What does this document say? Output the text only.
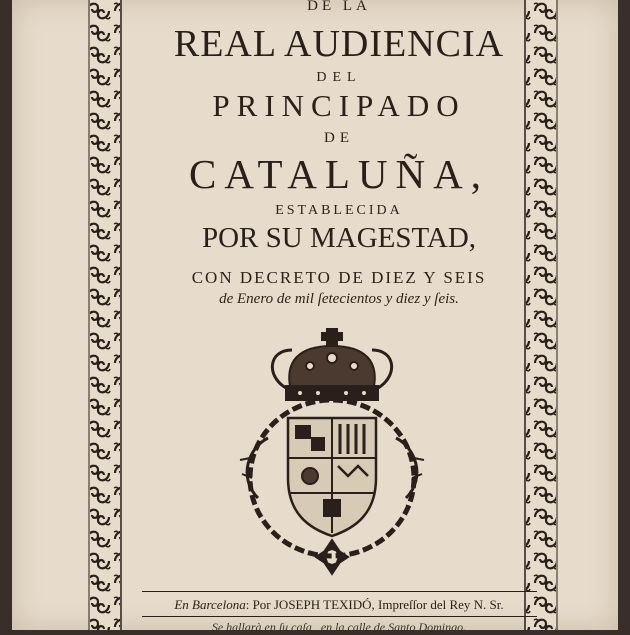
DE LA
REAL AUDIENCIA
DEL
PRINCIPADO
DE
CATALUÑA,
ESTABLECIDA
POR SU MAGESTAD,
CON DECRETO DE DIEZ Y SEIS
de Enero de mil ſetecientos y diez y ſeis.
En Barcelona: Por JOSEPH TEXIDÓ, Impreſſor del Rey N. Sr.
Se hallarà en ſu caſa , en la calle de Santo Domingo.
